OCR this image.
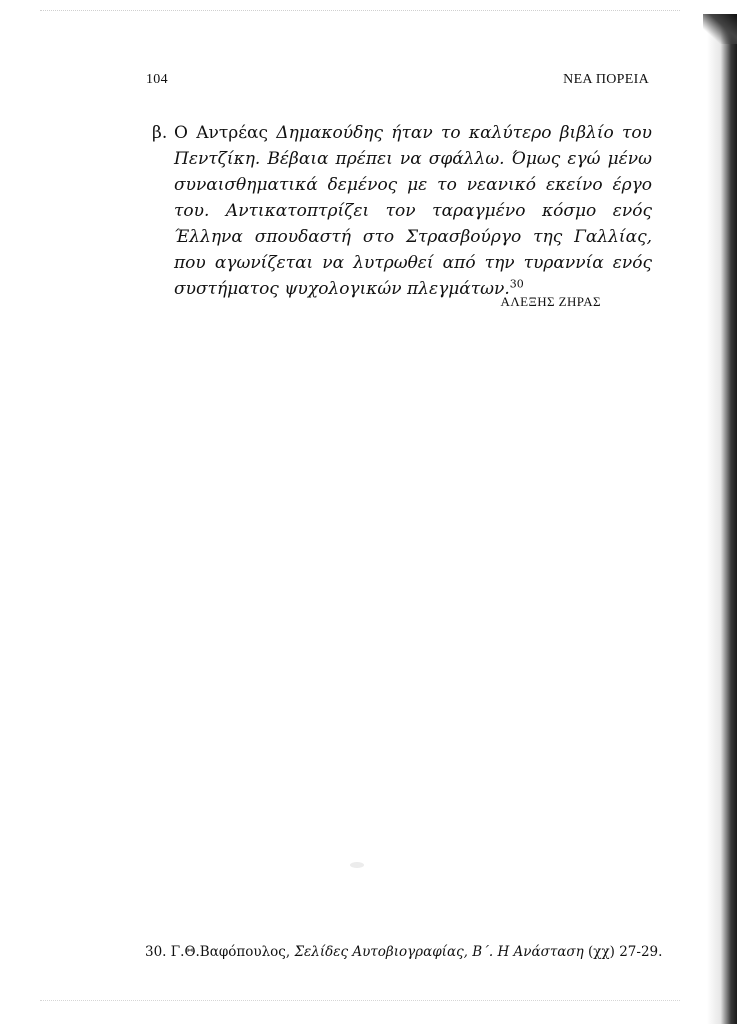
104	ΝΕΑ ΠΟΡΕΙΑ
β. Ο Αντρέας Δημακούδης ήταν το καλύτερο βιβλίο του Πεντζίκη. Βέβαια πρέπει να σφάλλω. Όμως εγώ μένω συναισθηματικά δεμένος με το νεανικό εκείνο έργο του. Αντικατοπτρίζει τον ταραγμένο κόσμο ενός Έλληνα σπουδαστή στο Στρασβούργο της Γαλλίας, που αγωνίζεται να λυτρωθεί από την τυραννία ενός συστήματος ψυχολογικών πλεγμάτων.$^{30}$
ΑΛΕΞΗΣ ΖΗΡΑΣ
30. Γ.Θ.Βαφόπουλος, Σελίδες Αυτοβιογραφίας, Β΄. Η Ανάσταση (χχ) 27-29.
